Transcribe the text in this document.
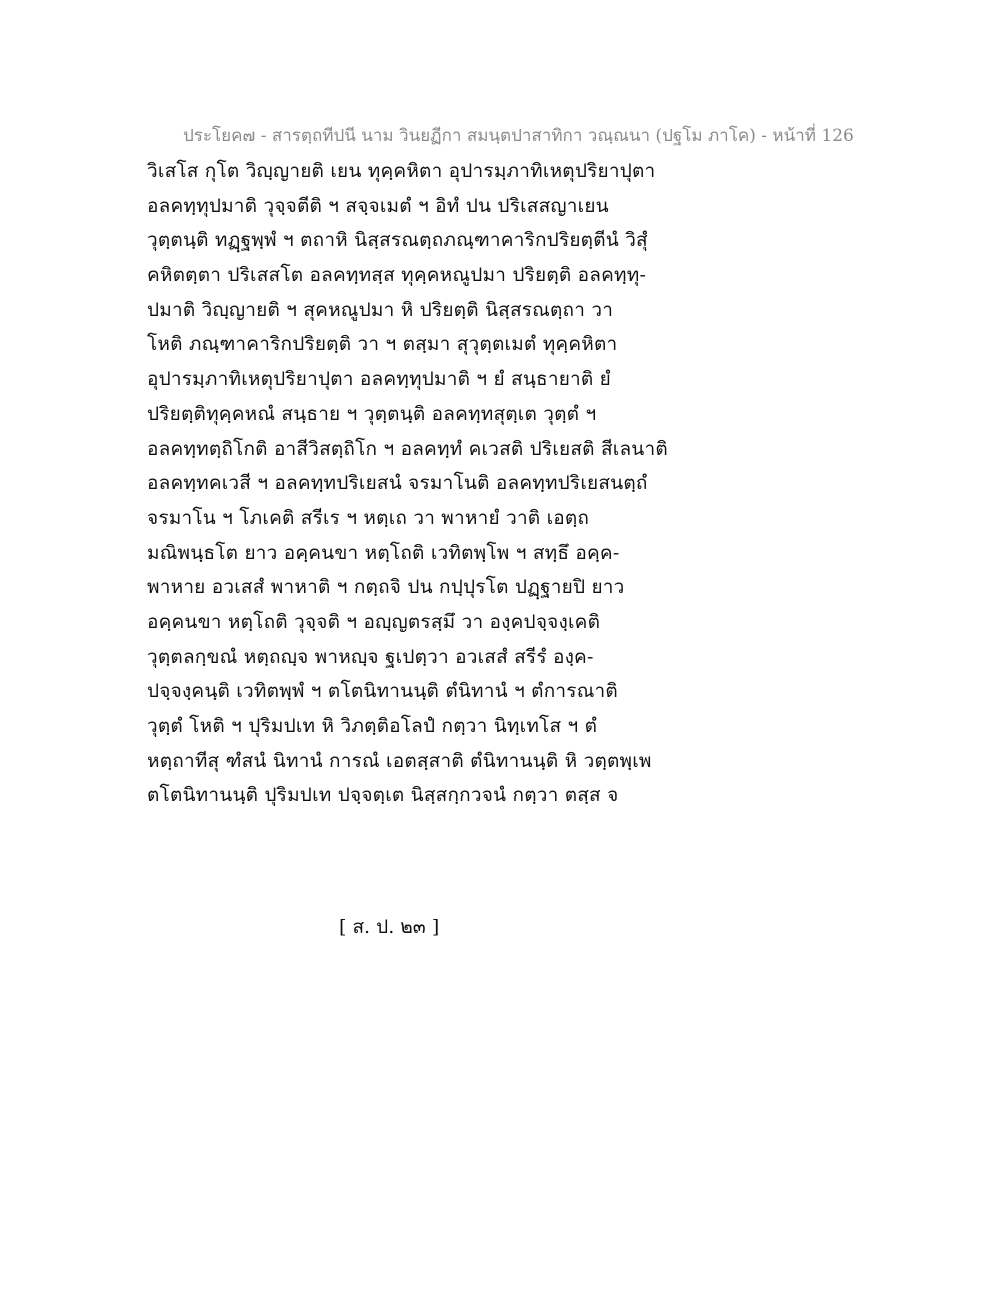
ประโยค๗ - สารตฺถทีปนี นาม วินยฏีกา สมนฺตปาสาทิกา วณฺณนา (ปฐโม ภาโค) - หน้าที่ 126
วิเสโส กุโต วิญฺญายติ เยน ทุคฺคหิตา อุปารมฺภาทิเหตุปริยาปุตา
อลคทฺทุปมาติ วุจฺจตีติ ฯ สจฺจเมตํ ฯ อิทํ ปน ปริเสสญาเยน
วุตฺตนฺติ ทฏฺฐพฺพํ ฯ ตถาหิ นิสฺสรณตฺถภณฺฑาคาริกปริยตฺตีนํ วิสุํ
คหิตตฺตา ปริเสสโต อลคทฺทสฺส ทุคฺคหณูปมา ปริยตฺติ อลคทฺทุ-
ปมาติ วิญฺญายติ ฯ สุคหณูปมา หิ ปริยตฺติ นิสฺสรณตฺถา วา
โหติ ภณฺฑาคาริกปริยตฺติ วา ฯ ตสฺมา สุวุตฺตเมตํ ทุคฺคหิตา
อุปารมฺภาทิเหตุปริยาปุตา อลคทฺทุปมาติ ฯ ยํ สนฺธายาติ ยํ
ปริยตฺติทุคฺคหณํ สนฺธาย ฯ วุตฺตนฺติ อลคทฺทสุตฺเต วุตฺตํ ฯ
อลคทฺทตฺถิโกติ อาสีวิสตฺถิโก ฯ อลคทฺทํ คเวสติ ปริเยสติ สีเลนาติ
อลคทฺทคเวสี ฯ อลคทฺทปริเยสนํ จรมาโนติ อลคทฺทปริเยสนตฺถํ
จรมาโน ฯ โภเคติ สรีเร ฯ หตฺเถ วา พาหายํ วาติ เอตฺถ
มณิพนฺธโต ยาว อคฺคนขา หตฺโถติ เวทิตพฺโพ ฯ สทฺธึ อคฺค-
พาหาย อวเสสํ พาหาติ ฯ กตฺถจิ ปน กปฺปุรโต ปฏฺฐายปิ ยาว
อคฺคนขา หตฺโถติ วุจฺจติ ฯ อญฺญตรสฺมึ วา องฺคปจฺจงฺเคติ
วุตฺตลกฺขณํ หตฺถญฺจ พาหญฺจ ฐเปตฺวา อวเสสํ สรีรํ องฺค-
ปจฺจงฺคนฺติ เวทิตพฺพํ ฯ ตโตนิทานนฺติ ตํนิทานํ ฯ ตํการณาติ
วุตฺตํ โหติ ฯ ปุริมปเท หิ วิภตฺติอโลปํ กตฺวา นิทฺเทโส ฯ ตํ
หตฺถาทีสุ ฑํสนํ นิทานํ การณํ เอตสฺสาติ ตํนิทานนฺติ หิ วตฺตพฺเพ
ตโตนิทานนฺติ ปุริมปเท ปจฺจตฺเต นิสฺสกฺกวจนํ กตฺวา ตสฺส จ
[ ส. ป. ๒๓ ]
